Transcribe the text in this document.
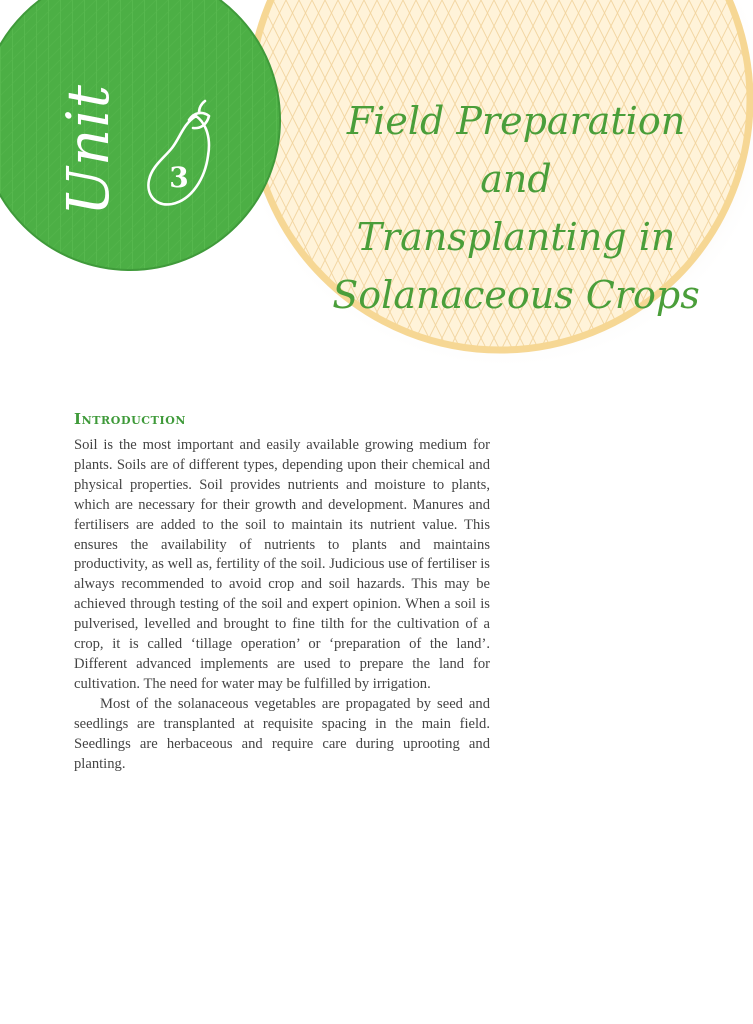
Unit	3
Field Preparation
and
Transplanting in
Solanaceous Crops
Introduction

Soil is the most important and easily available growing medium for plants. Soils are of different types, depending upon their chemical and physical properties. Soil provides nutrients and moisture to plants, which are necessary for their growth and development. Manures and fertilisers are added to the soil to maintain its nutrient value. This ensures the availability of nutrients to plants and maintains productivity, as well as, fertility of the soil. Judicious use of fertiliser is always recommended to avoid crop and soil hazards. This may be achieved through testing of the soil and expert opinion. When a soil is pulverised, levelled and brought to fine tilth for the cultivation of a crop, it is called ‘tillage operation’ or ‘preparation of the land’. Different advanced implements are used to prepare the land for cultivation. The need for water may be fulfilled by irrigation.

Most of the solanaceous vegetables are propagated by seed and seedlings are transplanted at requisite spacing in the main field. Seedlings are herbaceous and require care during uprooting and planting.
